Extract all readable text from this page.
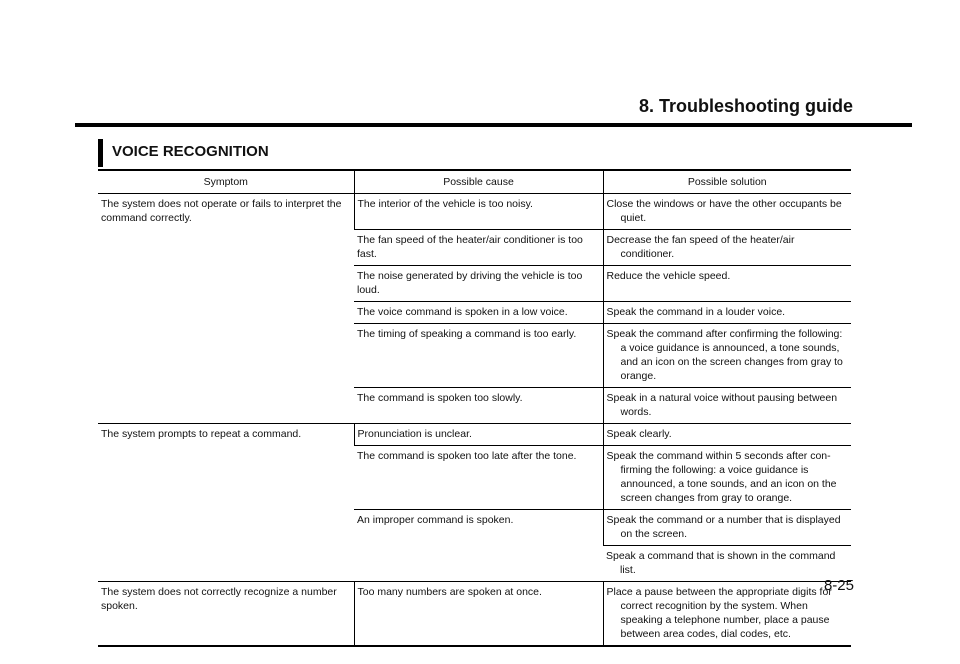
8. Troubleshooting guide
VOICE RECOGNITION
Symptom	Possible cause	Possible solution
The system does not operate or fails to interpret the command correctly.	The interior of the vehicle is too noisy.	Close the windows or have the other occupants be quiet.

	The fan speed of the heater/air conditioner is too fast.	Decrease the fan speed of the heater/air conditioner.

	The noise generated by driving the vehicle is too loud.	Reduce the vehicle speed.

	The voice command is spoken in a low voice.	Speak the command in a louder voice.

	The timing of speaking a command is too early.	Speak the command after confirming the following: a voice guidance is announced, a tone sounds, and an icon on the screen changes from gray to orange.

	The command is spoken too slowly.	Speak in a natural voice without pausing between words.

The system prompts to repeat a command.	Pronunciation is unclear.	Speak clearly.

	The command is spoken too late after the tone.	Speak the command within 5 seconds after confirming the following: a voice guidance is announced, a tone sounds, and an icon on the screen changes from gray to orange.

	An improper command is spoken.	Speak the command or a number that is displayed on the screen.

		Speak a command that is shown in the command list.

The system does not correctly recognize a number spoken.	Too many numbers are spoken at once.	Place a pause between the appropriate digits for correct recognition by the system. When speaking a telephone number, place a pause between area codes, dial codes, etc.
8-25
